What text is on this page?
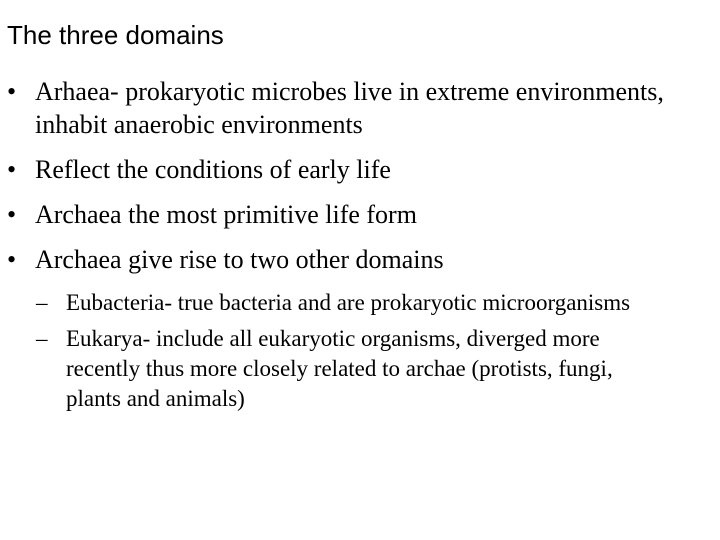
The three domains
• Arhaea- prokaryotic microbes live in extreme environments, inhabit anaerobic environments
• Reflect the conditions of early life
• Archaea the most primitive life form
• Archaea give rise to two other domains
– Eubacteria- true bacteria and are prokaryotic microorganisms
– Eukarya- include all eukaryotic organisms, diverged more recently thus more closely related to archae (protists, fungi, plants and animals)
